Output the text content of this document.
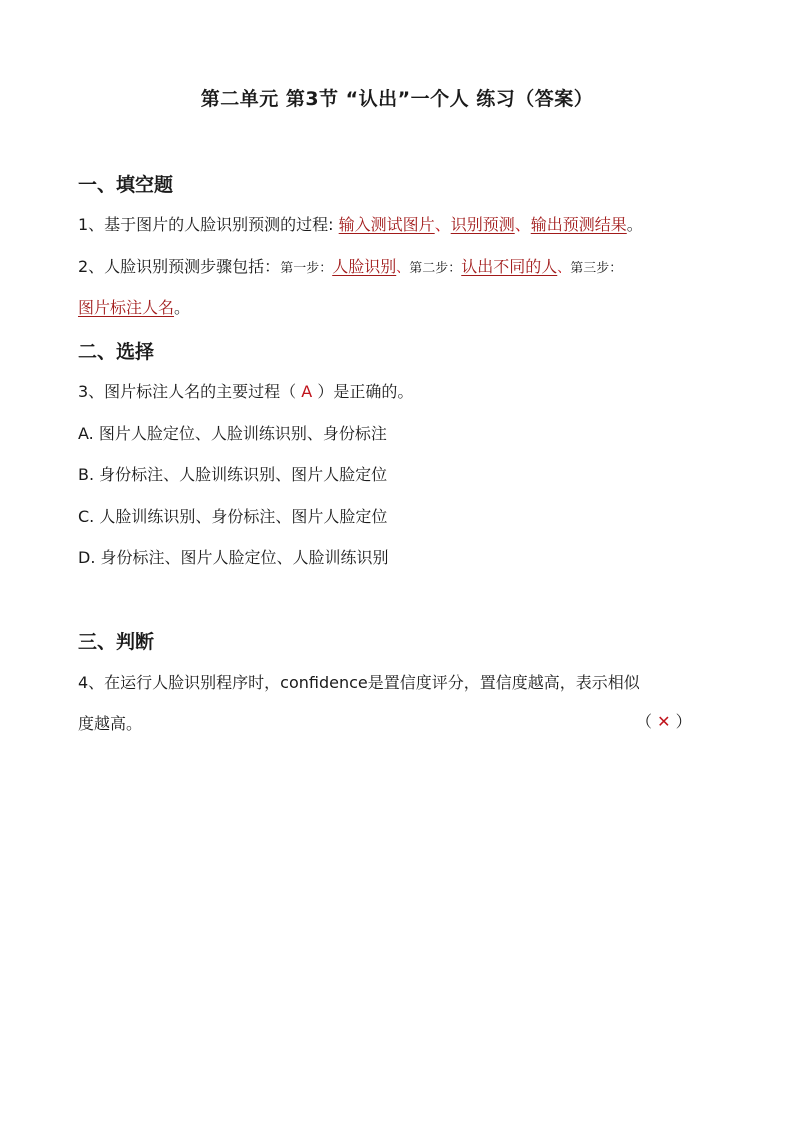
第二单元 第3节 “认出”一个人 练习（答案）
一、填空题
1、基于图片的人脸识别预测的过程: 输入测试图片、识别预测、输出预测结果。
2、人脸识别预测步骤包括：第一步：人脸识别、第二步：认出不同的人、第三步：
图片标注人名。
二、选择
3、图片标注人名的主要过程（ A ）是正确的。
A. 图片人脸定位、人脸训练识别、身份标注
B. 身份标注、人脸训练识别、图片人脸定位
C. 人脸训练识别、身份标注、图片人脸定位
D. 身份标注、图片人脸定位、人脸训练识别
三、判断
4、在运行人脸识别程序时，confidence是置信度评分，置信度越高，表示相似
度越高。	（ ✕ ）
